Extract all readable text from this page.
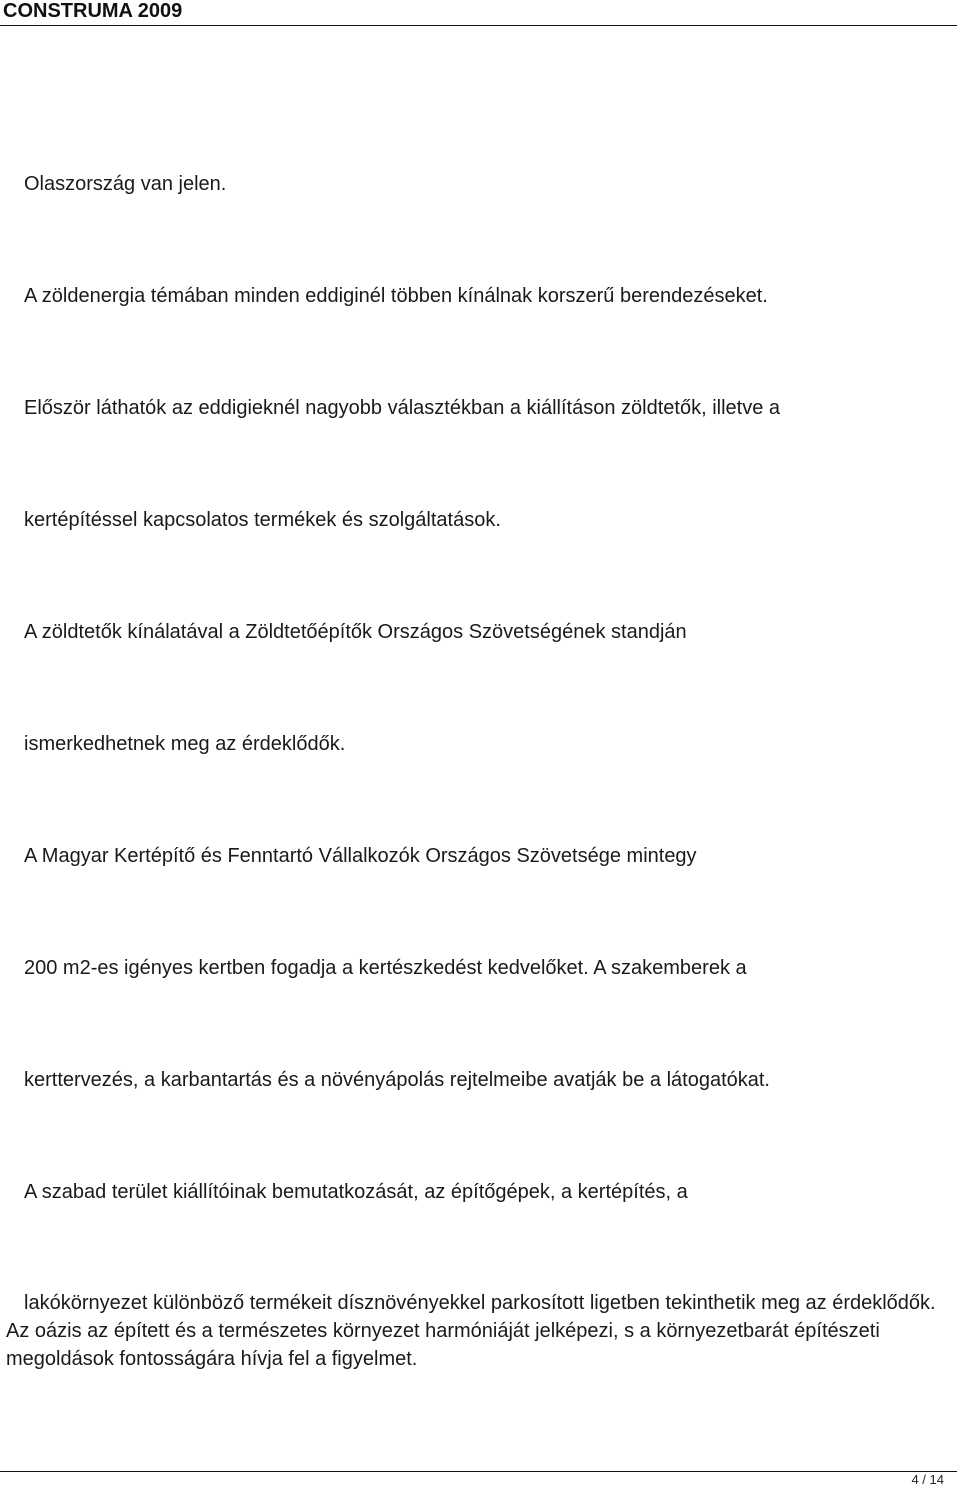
CONSTRUMA 2009
Olaszország van jelen.
A zöldenergia témában minden eddiginél többen kínálnak korszerű berendezéseket.
Először láthatók az eddigieknél nagyobb választékban a kiállításon zöldtetők, illetve a
kertépítéssel kapcsolatos termékek és szolgáltatások.
A zöldtetők kínálatával a Zöldtetőépítők Országos Szövetségének standján
ismerkedhetnek meg az érdeklődők.
A Magyar Kertépítő és Fenntartó Vállalkozók Országos Szövetsége mintegy
200 m2-es igényes kertben fogadja a kertészkedést kedvelőket. A szakemberek a
kerttervezés, a karbantartás és a növényápolás rejtelmeibe avatják be a látogatókat.
A szabad terület kiállítóinak bemutatkozását, az építőgépek, a kertépítés, a
lakókörnyezet különböző termékeit dísznövényekkel parkosított ligetben tekinthetik meg az érdeklődők. Az oázis az épített és a természetes környezet harmóniáját jelképezi, s a környezetbarát építészeti megoldások fontosságára hívja fel a figyelmet.
4 / 14
